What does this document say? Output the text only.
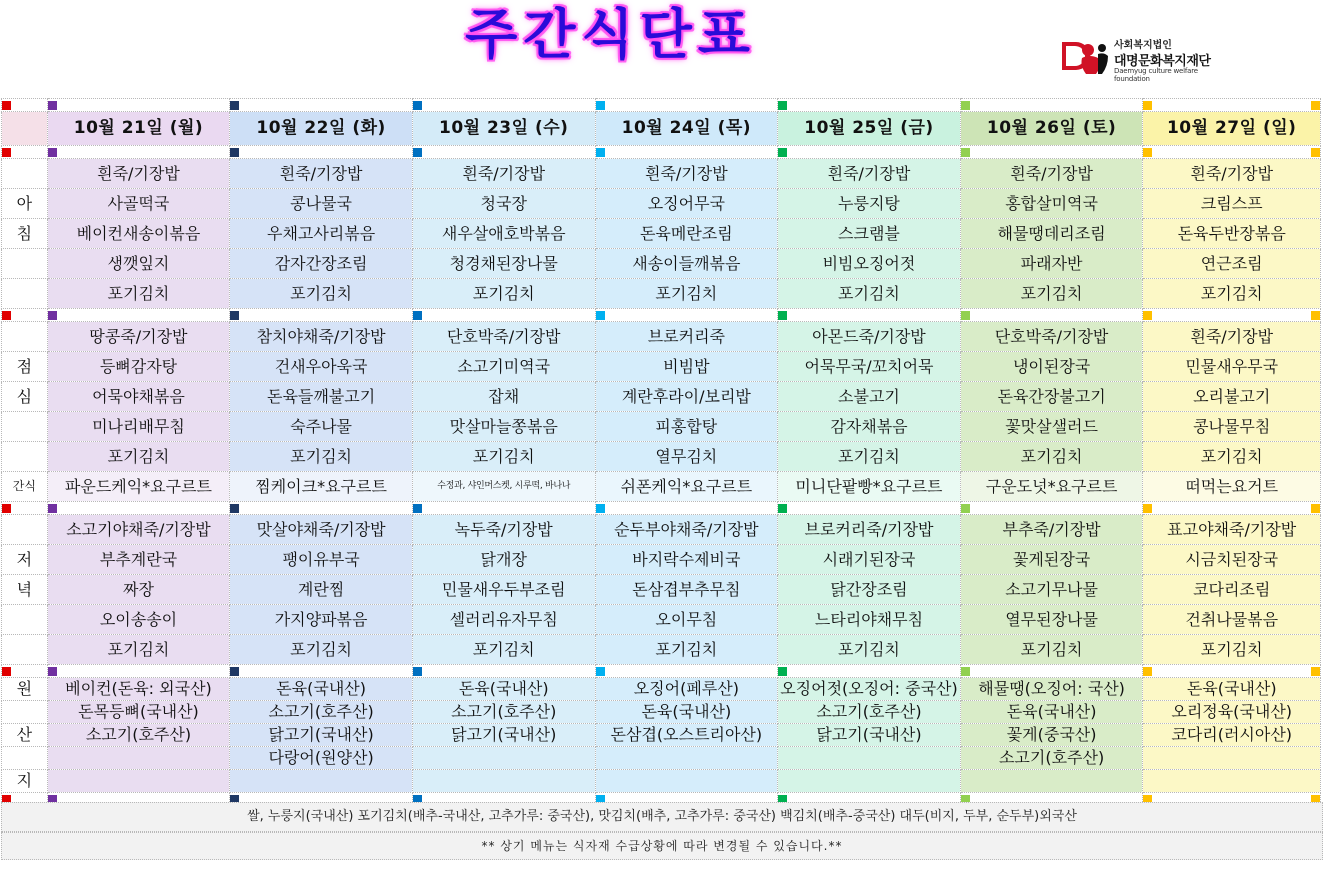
주간식단표	사회복지법인
대명문화복지재단
Daemyug culture welfare foundation

	10월 21일 (월)	10월 22일 (화)	10월 23일 (수)	10월 24일 (목)	10월 25일 (금)	10월 26일 (토)	10월 27일 (일)

	흰죽/기장밥	흰죽/기장밥	흰죽/기장밥	흰죽/기장밥	흰죽/기장밥	흰죽/기장밥	흰죽/기장밥
아	사골떡국	콩나물국	청국장	오징어무국	누룽지탕	홍합살미역국	크림스프
침	베이컨새송이볶음	우채고사리볶음	새우살애호박볶음	돈육메란조림	스크램블	해물땡데리조림	돈육두반장볶음
	생깻잎지	감자간장조림	청경채된장나물	새송이들깨볶음	비빔오징어젓	파래자반	연근조림
	포기김치	포기김치	포기김치	포기김치	포기김치	포기김치	포기김치

	땅콩죽/기장밥	참치야채죽/기장밥	단호박죽/기장밥	브로커리죽	아몬드죽/기장밥	단호박죽/기장밥	흰죽/기장밥
점	등뼈감자탕	건새우아욱국	소고기미역국	비빔밥	어묵무국/꼬치어묵	냉이된장국	민물새우무국
심	어묵야채볶음	돈육들깨불고기	잡채	계란후라이/보리밥	소불고기	돈육간장불고기	오리불고기
	미나리배무침	숙주나물	맛살마늘쫑볶음	피홍합탕	감자채볶음	꽃맛살샐러드	콩나물무침
	포기김치	포기김치	포기김치	열무김치	포기김치	포기김치	포기김치
간식	파운드케익*요구르트	찜케이크*요구르트	수정과, 샤인머스켓, 시루떡, 바나나	쉬폰케익*요구르트	미니단팥빵*요구르트	구운도넛*요구르트	떠먹는요거트

	소고기야채죽/기장밥	맛살야채죽/기장밥	녹두죽/기장밥	순두부야채죽/기장밥	브로커리죽/기장밥	부추죽/기장밥	표고야채죽/기장밥
저	부추계란국	팽이유부국	닭개장	바지락수제비국	시래기된장국	꽃게된장국	시금치된장국
녁	짜장	계란찜	민물새우두부조림	돈삼겹부추무침	닭간장조림	소고기무나물	코다리조림
	오이송송이	가지양파볶음	셀러리유자무침	오이무침	느타리야채무침	열무된장나물	건취나물볶음
	포기김치	포기김치	포기김치	포기김치	포기김치	포기김치	포기김치

원	베이컨(돈육: 외국산)	돈육(국내산)	돈육(국내산)	오징어(페루산)	오징어젓(오징어: 중국산)	해물땡(오징어: 국산)	돈육(국내산)
	돈목등뼈(국내산)	소고기(호주산)	소고기(호주산)	돈육(국내산)	소고기(호주산)	돈육(국내산)	오리정육(국내산)
산	소고기(호주산)	닭고기(국내산)	닭고기(국내산)	돈삼겹(오스트리아산)	닭고기(국내산)	꽃게(중국산)	코다리(러시아산)
		다랑어(원양산)				소고기(호주산)	
지							

쌀, 누룽지(국내산) 포기김치(배추-국내산, 고추가루: 중국산), 맛김치(배추, 고추가루: 중국산) 백김치(배추-중국산) 대두(비지, 두부, 순두부)외국산
** 상기 메뉴는 식자재 수급상황에 따라 변경될 수 있습니다.**
